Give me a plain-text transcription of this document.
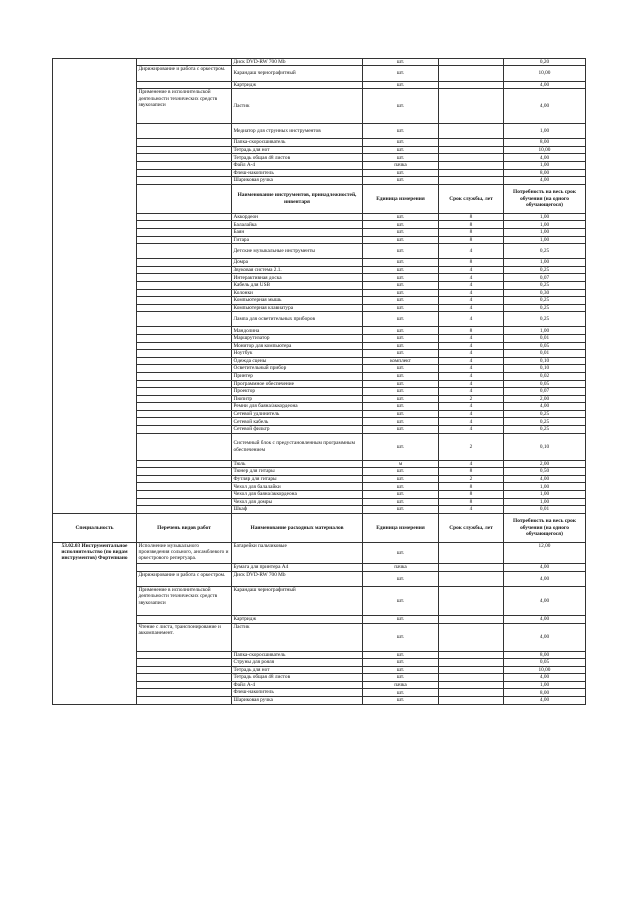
		Диск DVD-RW 700 Mb	шт.		0,20
	Дирижирование и работа с оркестром.	Карандаш чернографитный	шт.		10,00
		Картридж	шт.		4,00
	Применение в исполнительской деятельности технических средств звукозаписи	Ластик	шт.		4,00
		Медиатор для струнных инструментов	шт.		1,00
		Папка-скоросшиватель	шт.		8,00
		Тетрадь для нот	шт.		10,00
		Тетрадь общая 48 листов	шт.		4,00
		Файл А-4	пачка		1,00
		Флеш-накопитель	шт.		8,00
		Шариковая ручка	шт.		4,00
		Наименование инструментов, принадлежностей, инвентаря	Единица измерения	Срок службы, лет	Потребность на весь срок обучения (на одного обучающегося)
		Аккордеон	шт.	8	1,00
		Балалайка	шт.	8	1,00
		Баян	шт.	8	1,00
		Гитара	шт.	8	1,00
		Детские музыкальные инструменты	шт.	4	0,25
		Домра	шт.	8	1,00
		Звуковая система 2.1.	шт.	4	0,25
		Интерактивная доска	шт.	4	0,07
		Кабель для USB	шт.	4	0,25
		Колонки	шт.	4	0,30
		Компьютерная мышь	шт.	4	0,25
		Компьютерная клавиатура	шт.	4	0,25
		Лампа для осветительных приборов	шт.	4	0,25
		Мандолина	шт.	8	1,00
		Маршрутизатор	шт.	4	0,01
		Монитор для компьютера	шт.	4	0,05
		Ноутбук	шт.	4	0,01
		Одежда сцены	комплект	4	0,10
		Осветительный прибор	шт.	4	0,10
		Принтер	шт.	4	0,02
		Программное обеспечение	шт.	4	0,05
		Проектор	шт.	4	0,07
		Пюпитр	шт.	2	2,00
		Ремни для баяна/аккордеона	шт.	4	4,00
		Сетевой удлинитель	шт.	4	0,25
		Сетевой кабель	шт.	4	0,25
		Сетевой фильтр	шт.	4	0,25
		Системный блок с предустановленным программным обеспечением	шт.	2	0,10
		Тюль	м	4	2,00
		Тюнер для гитары	шт.	8	0,50
		Футляр для гитары	шт.	2	4,00
		Чехол для балалайки	шт.	8	1,00
		Чехол для баяна/аккордеона	шт.	8	1,00
		Чехол для домры	шт.	8	1,00
		Шкаф	шт.	4	0,01
Специальность	Перечень видов работ	Наименование расходных материалов	Единица измерения	Срок службы, лет	Потребность на весь срок обучения (на одного обучающегося)
53.02.03 Инструментальное исполнительство (по видам инструментов) Фортепиано	Исполнение музыкального произведения сольного, ансамблевого и оркестрового репертуара.	Батарейки пальчиковые	шт.		12,00
		Бумага для принтера А4	пачка		4,00
	Дирижирование и работа с оркестром.	Диск DVD-RW 700 Mb	шт.		4,00
	Применение в исполнительской деятельности технических средств звукозаписи	Карандаш чернографитный	шт.		4,00
		Картридж	шт.		4,00
	Чтение с листа, транспонирование и аккомпанемент.	Ластик	шт.		4,00
		Папка-скоросшиватель	шт.		8,00
		Струны для рояля	шт.		0,05
		Тетрадь для нот	шт.		10,00
		Тетрадь общая 48 листов	шт.		4,00
		Файл А-4	пачка		1,00
		Флеш-накопитель	шт.		8,00
		Шариковая ручка	шт.		4,00
